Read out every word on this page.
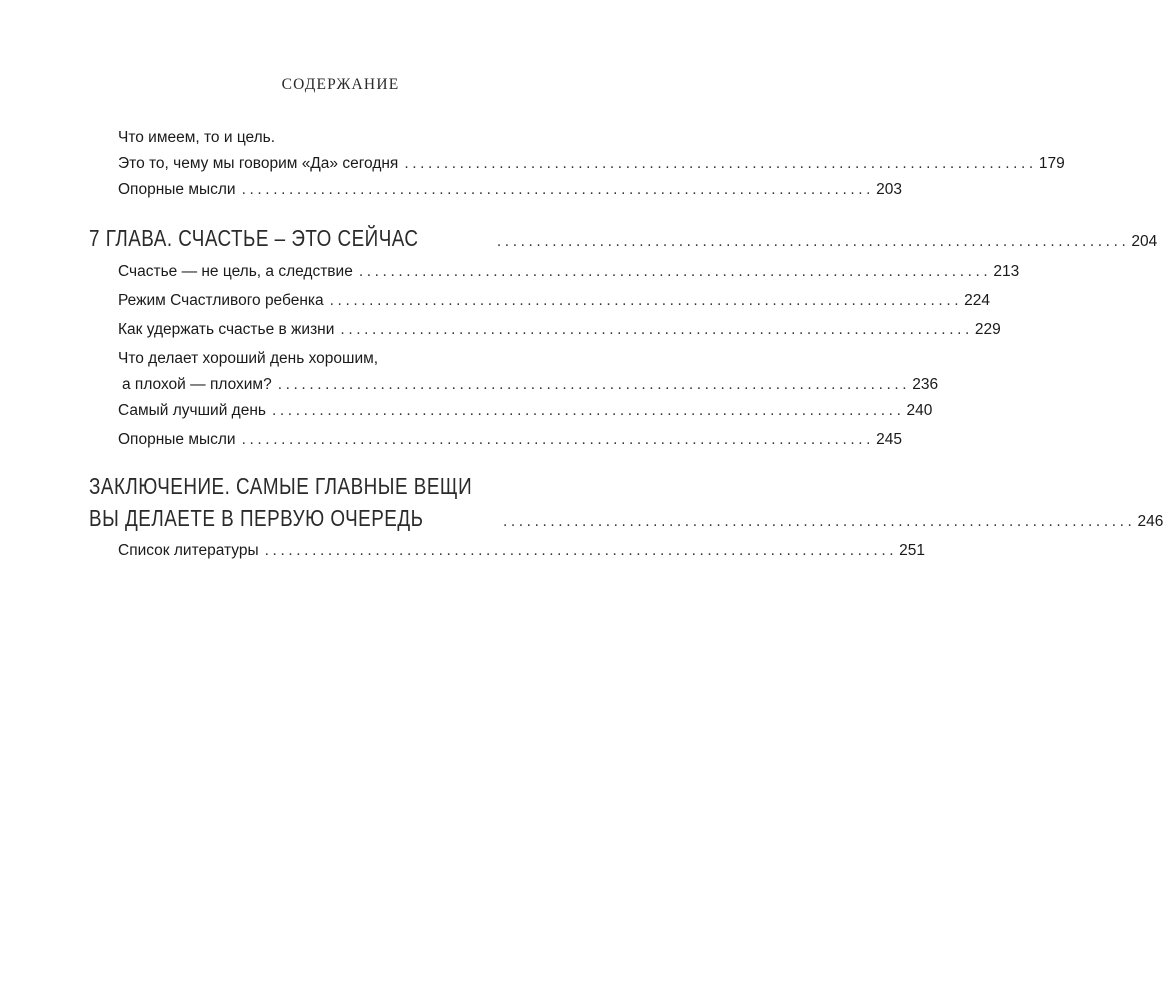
СОДЕРЖАНИЕ
Что имеем, то и цель.
Это то, чему мы говорим «Да» сегодня ................................................................................ 179
Опорные мысли ................................................................................ 203
7 ГЛАВА. СЧАСТЬЕ – ЭТО СЕЙЧАС	................................................................................ 204
Счастье — не цель, а следствие ................................................................................ 213
Режим Счастливого ребенка ................................................................................ 224
Как удержать счастье в жизни ................................................................................ 229
Что делает хороший день хорошим,
а плохой — плохим? ................................................................................ 236
Самый лучший день ................................................................................ 240
Опорные мысли ................................................................................ 245
ЗАКЛЮЧЕНИЕ. САМЫЕ ГЛАВНЫЕ ВЕЩИ
ВЫ ДЕЛАЕТЕ В ПЕРВУЮ ОЧЕРЕДЬ	................................................................................ 246
Список литературы ................................................................................ 251
